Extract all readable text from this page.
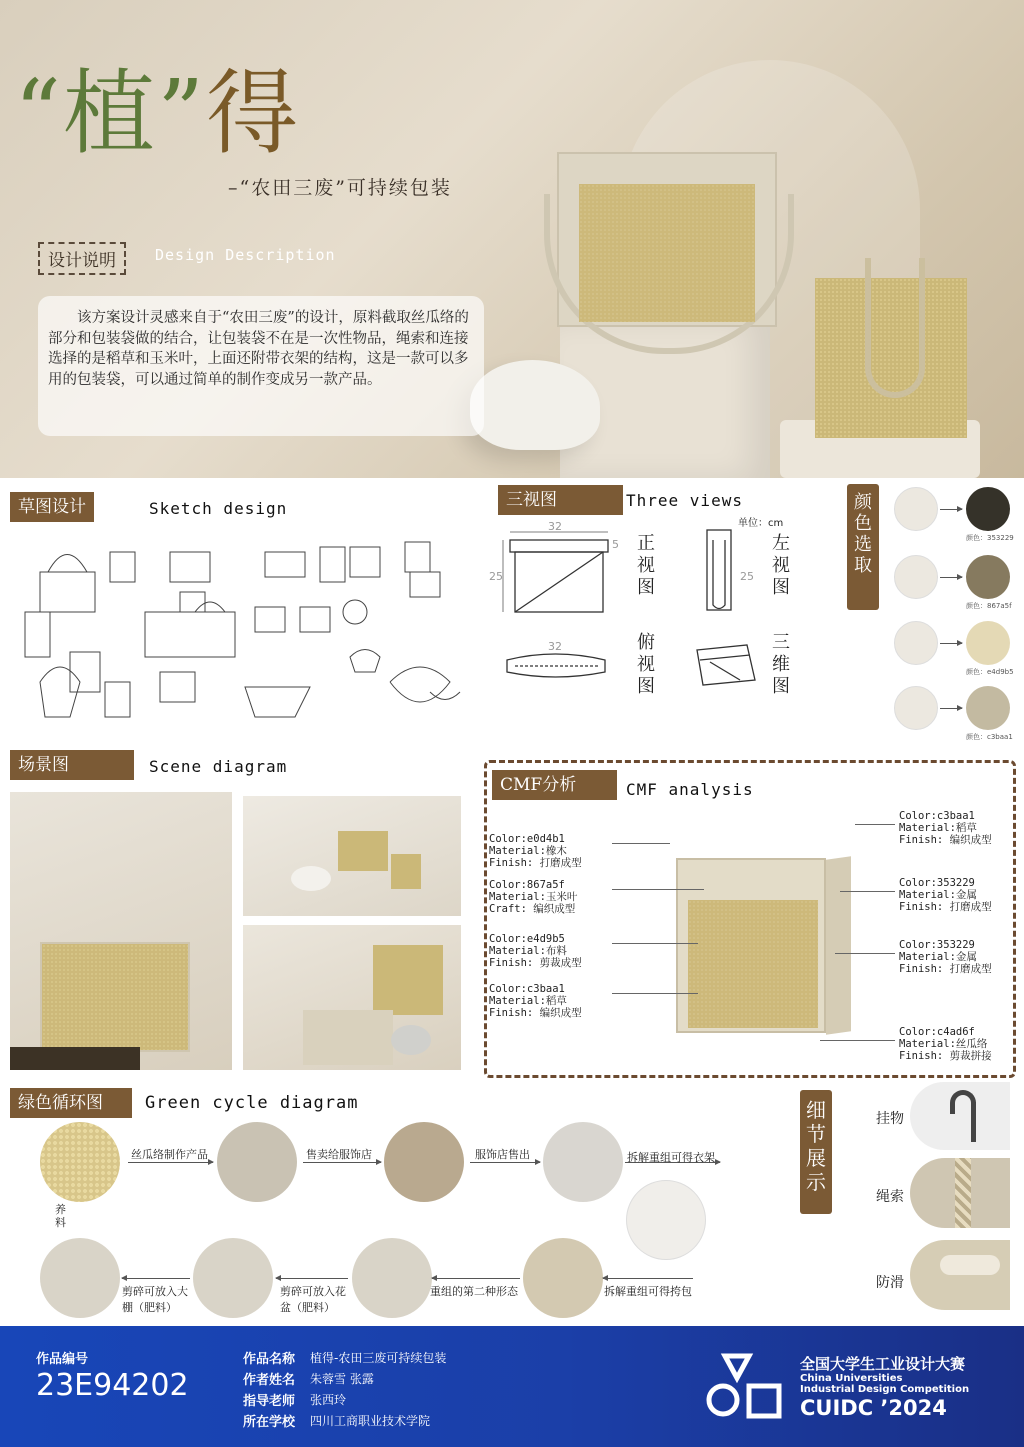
“植”得
–“农田三废”可持续包装
设计说明	Design Description
该方案设计灵感来自于“农田三废”的设计，原料截取丝瓜络的部分和包装袋做的结合，让包装袋不在是一次性物品，绳索和连接选择的是稻草和玉米叶，上面还附带衣架的结构，这是一款可以多用的包装袋，可以通过简单的制作变成另一款产品。
草图设计	Sketch design	三视图	Three views
单位：cm
32
25
5
25
32
正视图
左视图
俯视图
三维图
颜色选取
颜色：353229
颜色：867a5f
颜色：e4d9b5
颜色：c3baa1
场景图	Scene diagram
CMF分析	CMF analysis
Color:e0d4b1
Material:橡木
Finish: 打磨成型
Color:867a5f
Material:玉米叶
Craft: 编织成型
Color:e4d9b5
Material:布料
Finish: 剪裁成型
Color:c3baa1
Material:稻草
Finish: 编织成型
Color:c3baa1
Material:稻草
Finish: 编织成型
Color:353229
Material:金属
Finish: 打磨成型
Color:353229
Material:金属
Finish: 打磨成型
Color:c4ad6f
Material:丝瓜络
Finish: 剪裁拼接
绿色循环图	Green cycle diagram
丝瓜络制作产品	售卖给服饰店	服饰店售出	拆解重组可得衣架
拆解重组可得挎包
重组的第二种形态
剪碎可放入花盆（肥料）
剪碎可放入大棚（肥料）
养料
细节展示
挂物
绳索
防滑
作品编号
23E94202
作品名称 植得-农田三废可持续包装
作者姓名 朱蓉雪 张露
指导老师 张西玲
所在学校 四川工商职业技术学院
全国大学生工业设计大赛
China Universities
Industrial Design Competition
CUIDC ’2024
